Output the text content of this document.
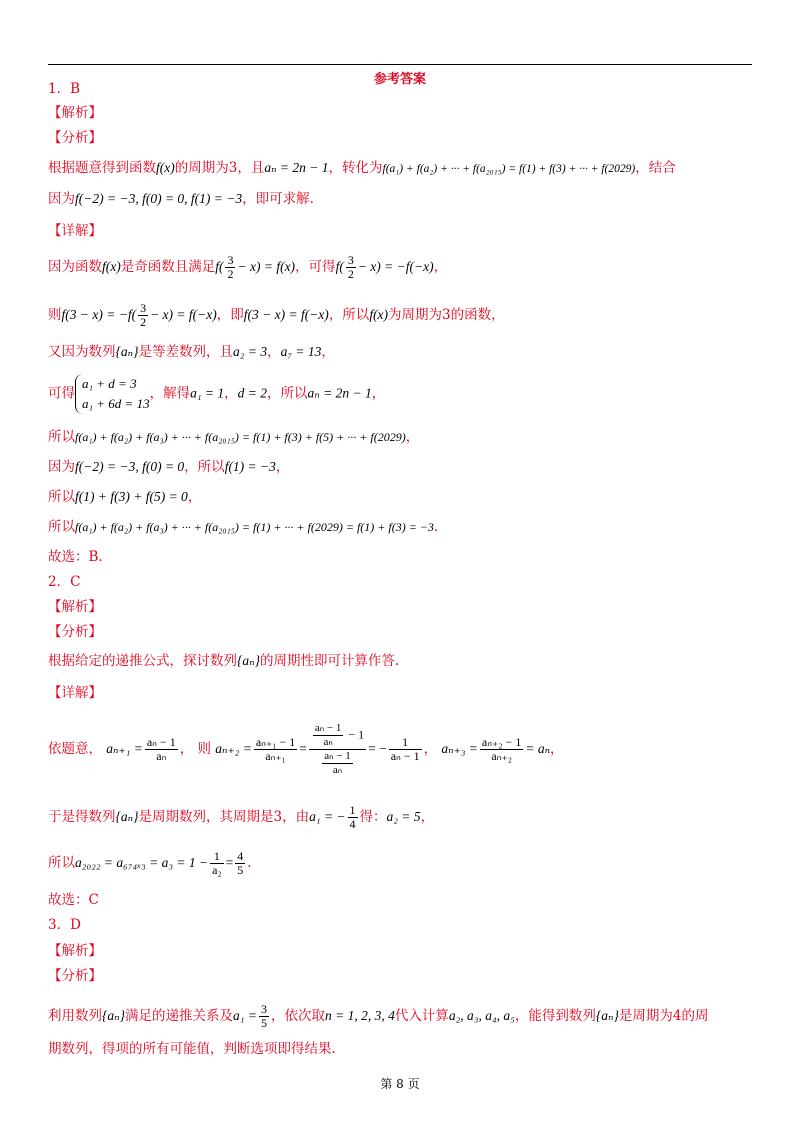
参考答案
1．B
【解析】
【分析】
根据题意得到函数f(x)的周期为3，且aₙ = 2n − 1，转化为f(a₁) + f(a₂) + ··· + f(a₂₀₁₅) = f(1) + f(3) + ··· + f(2029)，结合
因为f(−2) = −3, f(0) = 0, f(1) = −3，即可求解.
【详解】
因为函数f(x)是奇函数且满足$f( \frac{3}{2} - x) = f(x)$，可得$f( \frac{3}{2} - x) = -f(-x)$，
则$f(3 - x) = -f( \frac{3}{2} - x) = f(-x)$，即f(3 − x) = f(−x)，所以f(x)为周期为3的函数，
又因为数列{aₙ}是等差数列，且a₂ = 3，a₇ = 13，
可得
a₁ + d = 3
a₁ + 6d = 13
，解得a₁ = 1，d = 2，所以aₙ = 2n − 1，
所以f(a₁) + f(a₂) + f(a₃) + ··· + f(a₂₀₁₅) = f(1) + f(3) + f(5) + ··· + f(2029)，
因为f(−2) = −3, f(0) = 0，所以f(1) = −3，
所以f(1) + f(3) + f(5) = 0，
所以f(a₁) + f(a₂) + f(a₃) + ··· + f(a₂₀₁₅) = f(1) + ··· + f(2029) = f(1) + f(3) = −3.
故选：B.
2．C
【解析】
【分析】
根据给定的递推公式，探讨数列{aₙ}的周期性即可计算作答.
【详解】
依题意， $a_{n+1} = \frac{\text{aₙ − 1}}{\text{aₙ}}$ ， 则 $a_{n+2} = \frac{\text{aₙ₊₁ − 1}}{\text{aₙ₊₁}} = \frac{\frac{\text{aₙ − 1}}{\text{aₙ}} - 1}{\frac{\text{aₙ − 1}}{\text{aₙ}}}$ = − $\frac{1}{\text{aₙ − 1}}$ ， $a_{n+3} = \frac{\text{aₙ₊₂ − 1}}{\text{aₙ₊₂}} = a_n$，
于是得数列{aₙ}是周期数列，其周期是3，由a₁ = − $\frac{1}{4}$ 得：a₂ = 5，
所以$a_{2022} = a_{674x3} = a_3 = 1 - \frac{1}{\text{a₂}} = \frac{4}{5}$ .
故选：C
3．D
【解析】
【分析】
利用数列{aₙ}满足的递推关系及$a_1 = \frac{3}{5}$ ，依次取n = 1, 2, 3, 4代入计算a₂, a₃, a₄, a₅，能得到数列{aₙ}是周期为4的周
期数列，得项的所有可能值，判断选项即得结果.
第 8 页
